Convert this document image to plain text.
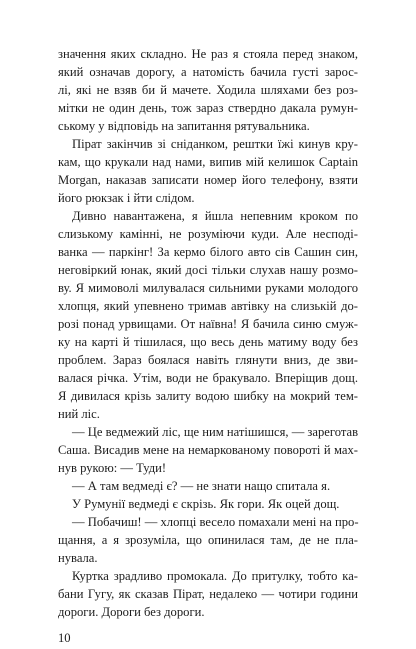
значення яких складно. Не раз я стояла перед знаком,
який означав дорогу, а натомість бачила густі зарос-
лі, які не взяв би й мачете. Ходила шляхами без роз-
мітки не один день, тож зараз ствердно дакала румун-
ському у відповідь на запитання рятувальника.
Пірат закінчив зі сніданком, рештки їжі кинув кру-
кам, що крукали над нами, випив мій келишок Captain
Morgan, наказав записати номер його телефону, взяти
його рюкзак і йти слідом.
Дивно навантажена, я йшла непевним кроком по
слизькому камінні, не розуміючи куди. Але несподі-
ванка — паркінг! За кермо білого авто сів Сашин син,
неговіркий юнак, який досі тільки слухав нашу розмо-
ву. Я мимоволі милувалася сильними руками молодого
хлопця, який упевнено тримав автівку на слизькій до-
розі понад урвищами. От наївна! Я бачила синю смуж-
ку на карті й тішилася, що весь день матиму воду без
проблем. Зараз боялася навіть глянути вниз, де зви-
валася річка. Утім, води не бракувало. Вперіщив дощ.
Я дивилася крізь залиту водою шибку на мокрий тем-
ний ліс.
— Це ведмежий ліс, ще ним натішишся, — зареготав
Саша. Висадив мене на немаркованому повороті й мах-
нув рукою: — Туди!
— А там ведмеді є? — не знати нащо спитала я.
У Румунії ведмеді є скрізь. Як гори. Як оцей дощ.
— Побачиш! — хлопці весело помахали мені на про-
щання, а я зрозуміла, що опинилася там, де не пла-
нувала.
Куртка зрадливо промокала. До притулку, тобто ка-
бани Гугу, як сказав Пірат, недалеко — чотири години
дороги. Дороги без дороги.
10
